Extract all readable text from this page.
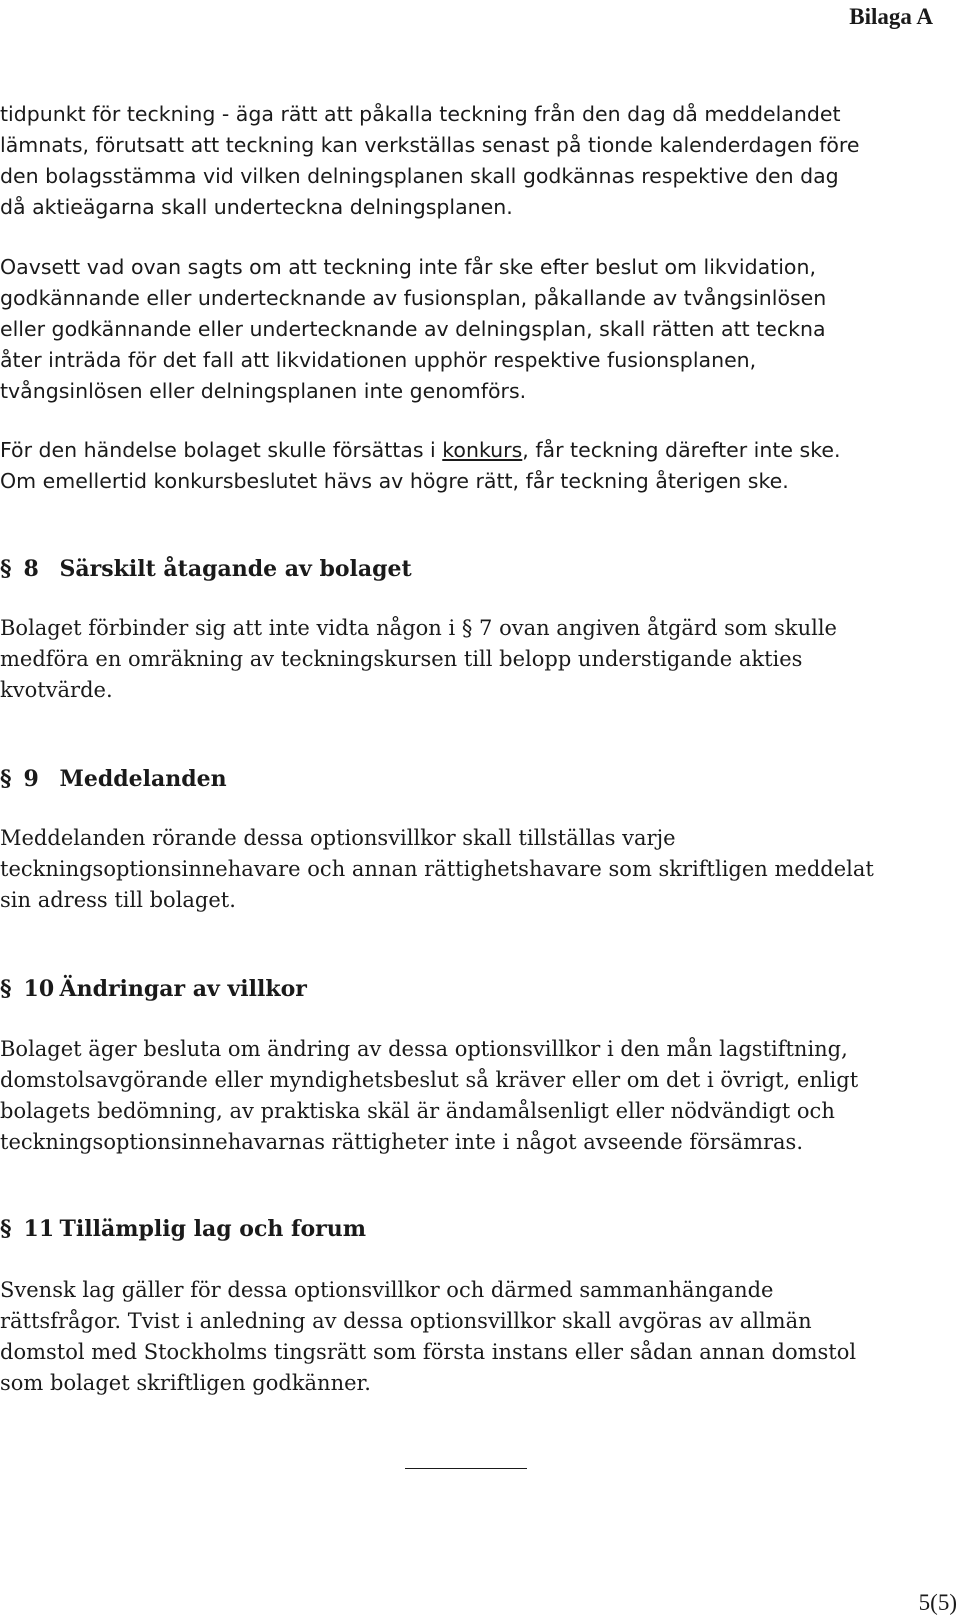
Bilaga A
tidpunkt för teckning - äga rätt att påkalla teckning från den dag då meddelandet
lämnats, förutsatt att teckning kan verkställas senast på tionde kalenderdagen före
den bolagsstämma vid vilken delningsplanen skall godkännas respektive den dag
då aktieägarna skall underteckna delningsplanen.
Oavsett vad ovan sagts om att teckning inte får ske efter beslut om likvidation,
godkännande eller undertecknande av fusionsplan, påkallande av tvångsinlösen
eller godkännande eller undertecknande av delningsplan, skall rätten att teckna
åter inträda för det fall att likvidationen upphör respektive fusionsplanen,
tvångsinlösen eller delningsplanen inte genomförs.
För den händelse bolaget skulle försättas i konkurs, får teckning därefter inte ske.
Om emellertid konkursbeslutet hävs av högre rätt, får teckning återigen ske.
§ 8 Särskilt åtagande av bolaget
Bolaget förbinder sig att inte vidta någon i § 7 ovan angiven åtgärd som skulle
medföra en omräkning av teckningskursen till belopp understigande akties
kvotvärde.
§ 9 Meddelanden
Meddelanden rörande dessa optionsvillkor skall tillställas varje
teckningsoptionsinnehavare och annan rättighetshavare som skriftligen meddelat
sin adress till bolaget.
§ 10 Ändringar av villkor
Bolaget äger besluta om ändring av dessa optionsvillkor i den mån lagstiftning,
domstolsavgörande eller myndighetsbeslut så kräver eller om det i övrigt, enligt
bolagets bedömning, av praktiska skäl är ändamålsenligt eller nödvändigt och
teckningsoptionsinnehavarnas rättigheter inte i något avseende försämras.
§ 11 Tillämplig lag och forum
Svensk lag gäller för dessa optionsvillkor och därmed sammanhängande
rättsfrågor. Tvist i anledning av dessa optionsvillkor skall avgöras av allmän
domstol med Stockholms tingsrätt som första instans eller sådan annan domstol
som bolaget skriftligen godkänner.
5(5)
